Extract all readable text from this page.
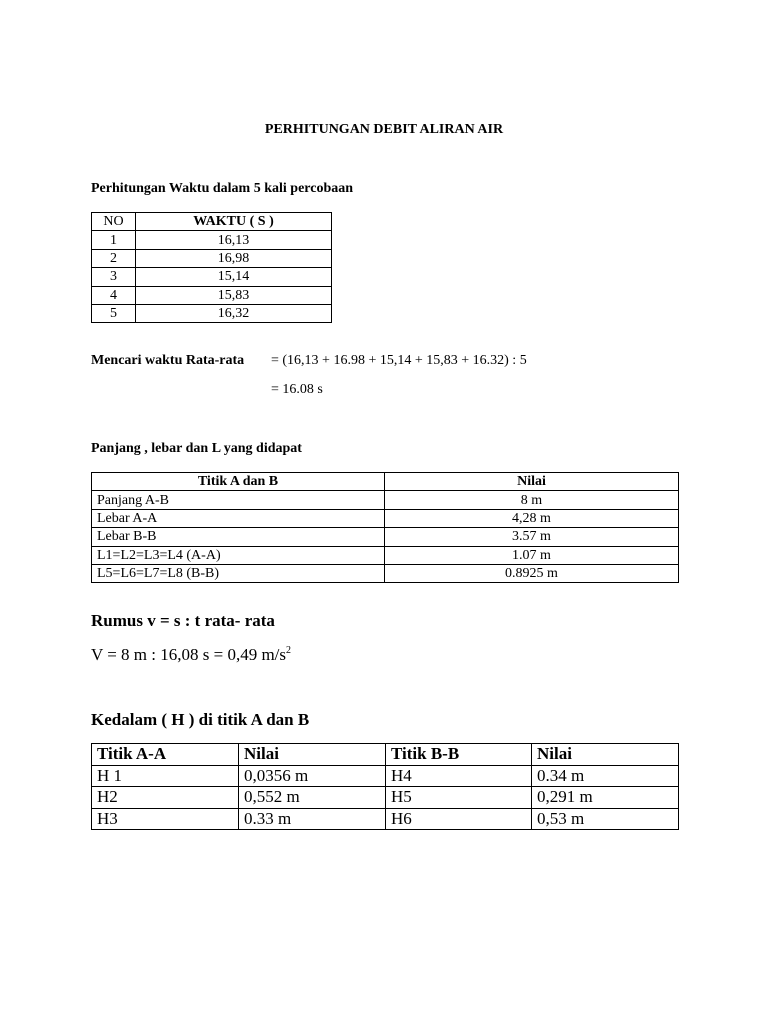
PERHITUNGAN DEBIT ALIRAN AIR
Perhitungan Waktu dalam 5 kali percobaan
NO	WAKTU ( S )
1	16,13
2	16,98
3	15,14
4	15,83
5	16,32
Mencari waktu Rata-rata = (16,13 + 16.98 + 15,14 + 15,83 + 16.32) : 5
= 16.08 s
Panjang , lebar dan L yang didapat
Titik A dan B	Nilai
Panjang A-B	8 m
Lebar A-A	4,28 m
Lebar B-B	3.57 m
L1=L2=L3=L4 (A-A)	1.07 m
L5=L6=L7=L8 (B-B)	0.8925 m
Rumus v = s : t rata- rata
V = 8 m : 16,08 s = 0,49 $m/s^2$
Kedalam ( H ) di titik A dan B
Titik A-A	Nilai	Titik B-B	Nilai
H 1	0,0356 m	H4	0.34 m
H2	0,552 m	H5	0,291 m
H3	0.33 m	H6	0,53 m
